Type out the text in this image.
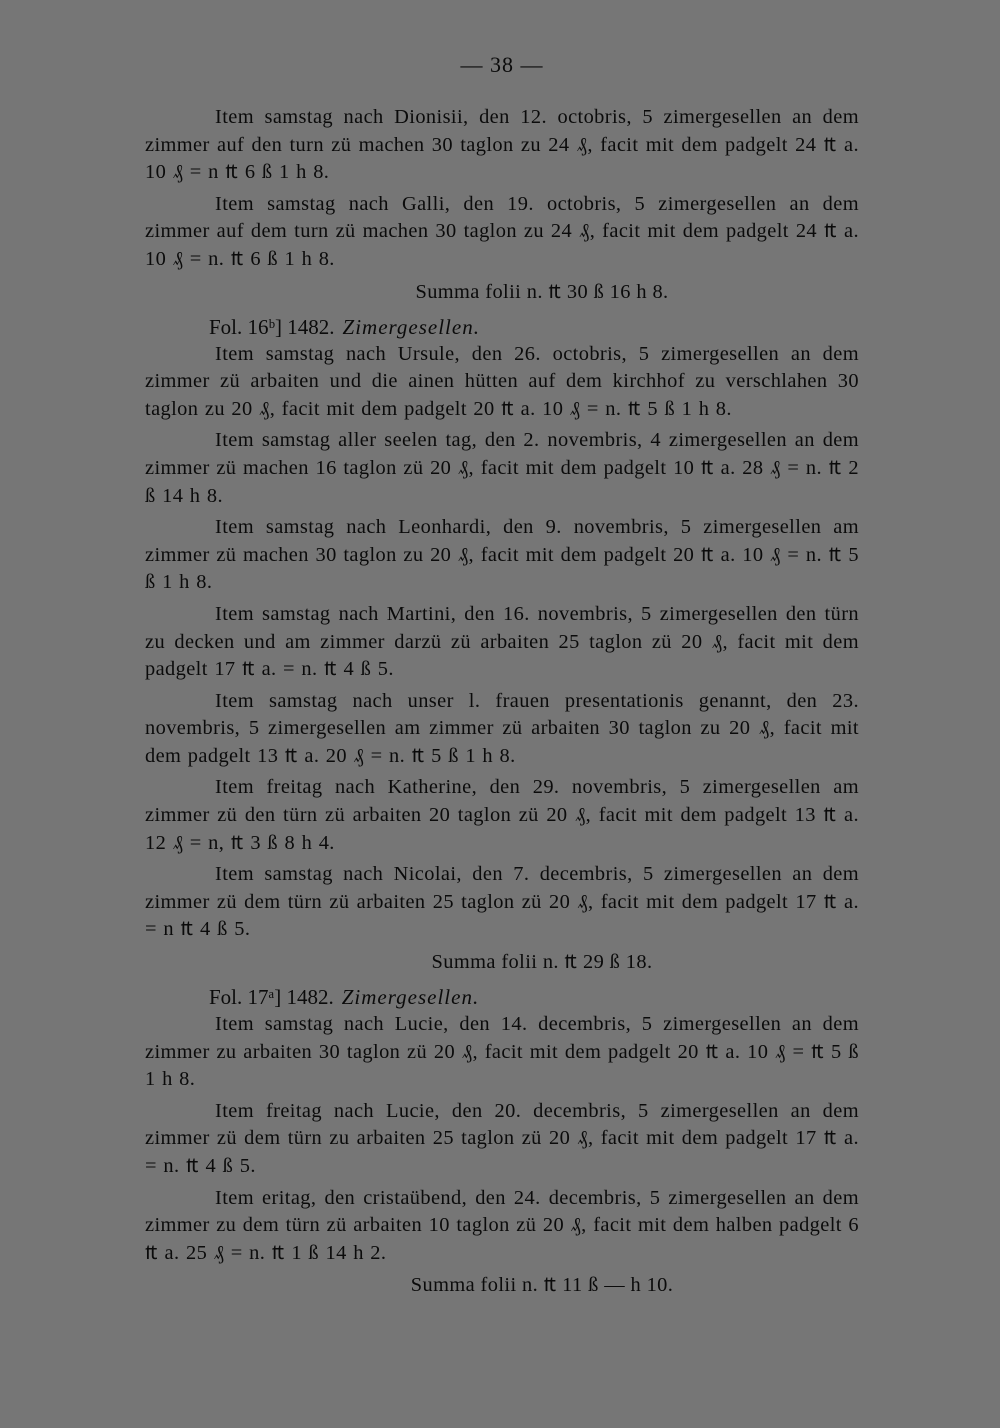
— 38 —

Item samstag nach Dionisii, den 12. octobris, 5 zimergesellen an dem zimmer auf den turn zü machen 30 taglon zu 24 ₰, facit mit dem padgelt 24 ₶ a. 10 ₰ = n ₶ 6 ß 1 h 8.

Item samstag nach Galli, den 19. octobris, 5 zimergesellen an dem zimmer auf dem turn zü machen 30 taglon zu 24 ₰, facit mit dem padgelt 24 ₶ a. 10 ₰ = n. ₶ 6 ß 1 h 8.

Summa folii n. ₶ 30 ß 16 h 8.
Fol. 16ᵇ] 1482. Zimergesellen.

Item samstag nach Ursule, den 26. octobris, 5 zimergesellen an dem zimmer zü arbaiten und die ainen hütten auf dem kirchhof zu verschlahen 30 taglon zu 20 ₰, facit mit dem padgelt 20 ₶ a. 10 ₰ = n. ₶ 5 ß 1 h 8.

Item samstag aller seelen tag, den 2. novembris, 4 zimergesellen an dem zimmer zü machen 16 taglon zü 20 ₰, facit mit dem padgelt 10 ₶ a. 28 ₰ = n. ₶ 2 ß 14 h 8.

Item samstag nach Leonhardi, den 9. novembris, 5 zimergesellen am zimmer zü machen 30 taglon zu 20 ₰, facit mit dem padgelt 20 ₶ a. 10 ₰ = n. ₶ 5 ß 1 h 8.

Item samstag nach Martini, den 16. novembris, 5 zimergesellen den türn zu decken und am zimmer darzü zü arbaiten 25 taglon zü 20 ₰, facit mit dem padgelt 17 ₶ a. = n. ₶ 4 ß 5.

Item samstag nach unser l. frauen presentationis genannt, den 23. novembris, 5 zimergesellen am zimmer zü arbaiten 30 taglon zu 20 ₰, facit mit dem padgelt 13 ₶ a. 20 ₰ = n. ₶ 5 ß 1 h 8.

Item freitag nach Katherine, den 29. novembris, 5 zimergesellen am zimmer zü den türn zü arbaiten 20 taglon zü 20 ₰, facit mit dem padgelt 13 ₶ a. 12 ₰ = n, ₶ 3 ß 8 h 4.

Item samstag nach Nicolai, den 7. decembris, 5 zimergesellen an dem zimmer zü dem türn zü arbaiten 25 taglon zü 20 ₰, facit mit dem padgelt 17 ₶ a. = n ₶ 4 ß 5.

Summa folii n. ₶ 29 ß 18.
Fol. 17ᵃ] 1482. Zimergesellen.

Item samstag nach Lucie, den 14. decembris, 5 zimergesellen an dem zimmer zu arbaiten 30 taglon zü 20 ₰, facit mit dem padgelt 20 ₶ a. 10 ₰ = ₶ 5 ß 1 h 8.

Item freitag nach Lucie, den 20. decembris, 5 zimergesellen an dem zimmer zü dem türn zu arbaiten 25 taglon zü 20 ₰, facit mit dem padgelt 17 ₶ a. = n. ₶ 4 ß 5.

Item eritag, den cristaübend, den 24. decembris, 5 zimergesellen an dem zimmer zu dem türn zü arbaiten 10 taglon zü 20 ₰, facit mit dem halben padgelt 6 ₶ a. 25 ₰ = n. ₶ 1 ß 14 h 2.

Summa folii n. ₶ 11 ß — h 10.
